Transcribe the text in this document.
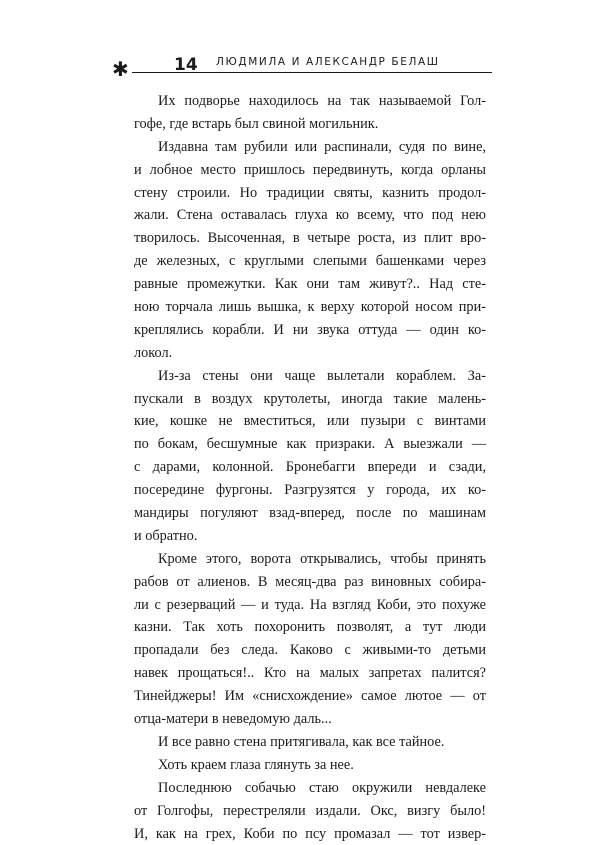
✱	14 ЛЮДМИЛА И АЛЕКСАНДР БЕЛАШ
Их подворье находилось на так называемой Гол-
гофе, где встарь был свиной могильник.
Издавна там рубили или распинали, судя по вине,
и лобное место пришлось передвинуть, когда орланы
стену строили. Но традиции святы, казнить продол-
жали. Стена оставалась глуха ко всему, что под нею
творилось. Высоченная, в четыре роста, из плит вро-
де железных, с круглыми слепыми башенками через
равные промежутки. Как они там живут?.. Над сте-
ною торчала лишь вышка, к верху которой носом при-
креплялись корабли. И ни звука оттуда — один ко-
локол.
Из-за стены они чаще вылетали кораблем. За-
пускали в воздух крутолеты, иногда такие малень-
кие, кошке не вместиться, или пузыри с винтами
по бокам, бесшумные как призраки. А выезжали —
с дарами, колонной. Бронебагги впереди и сзади,
посередине фургоны. Разгрузятся у города, их ко-
мандиры погуляют взад-вперед, после по машинам
и обратно.
Кроме этого, ворота открывались, чтобы принять
рабов от алиенов. В месяц-два раз виновных собира-
ли с резерваций — и туда. На взгляд Коби, это похуже
казни. Так хоть похоронить позволят, а тут люди
пропадали без следа. Каково с живыми-то детьми
навек прощаться!.. Кто на малых запретах палится?
Тинейджеры! Им «снисхождение» самое лютое — от
отца-матери в неведомую даль...
И все равно стена притягивала, как все тайное.
Хоть краем глаза глянуть за нее.
Последнюю собачью стаю окружили невдалеке
от Голгофы, перестреляли издали. Окс, визгу было!
И, как на грех, Коби по псу промазал — тот извер-
